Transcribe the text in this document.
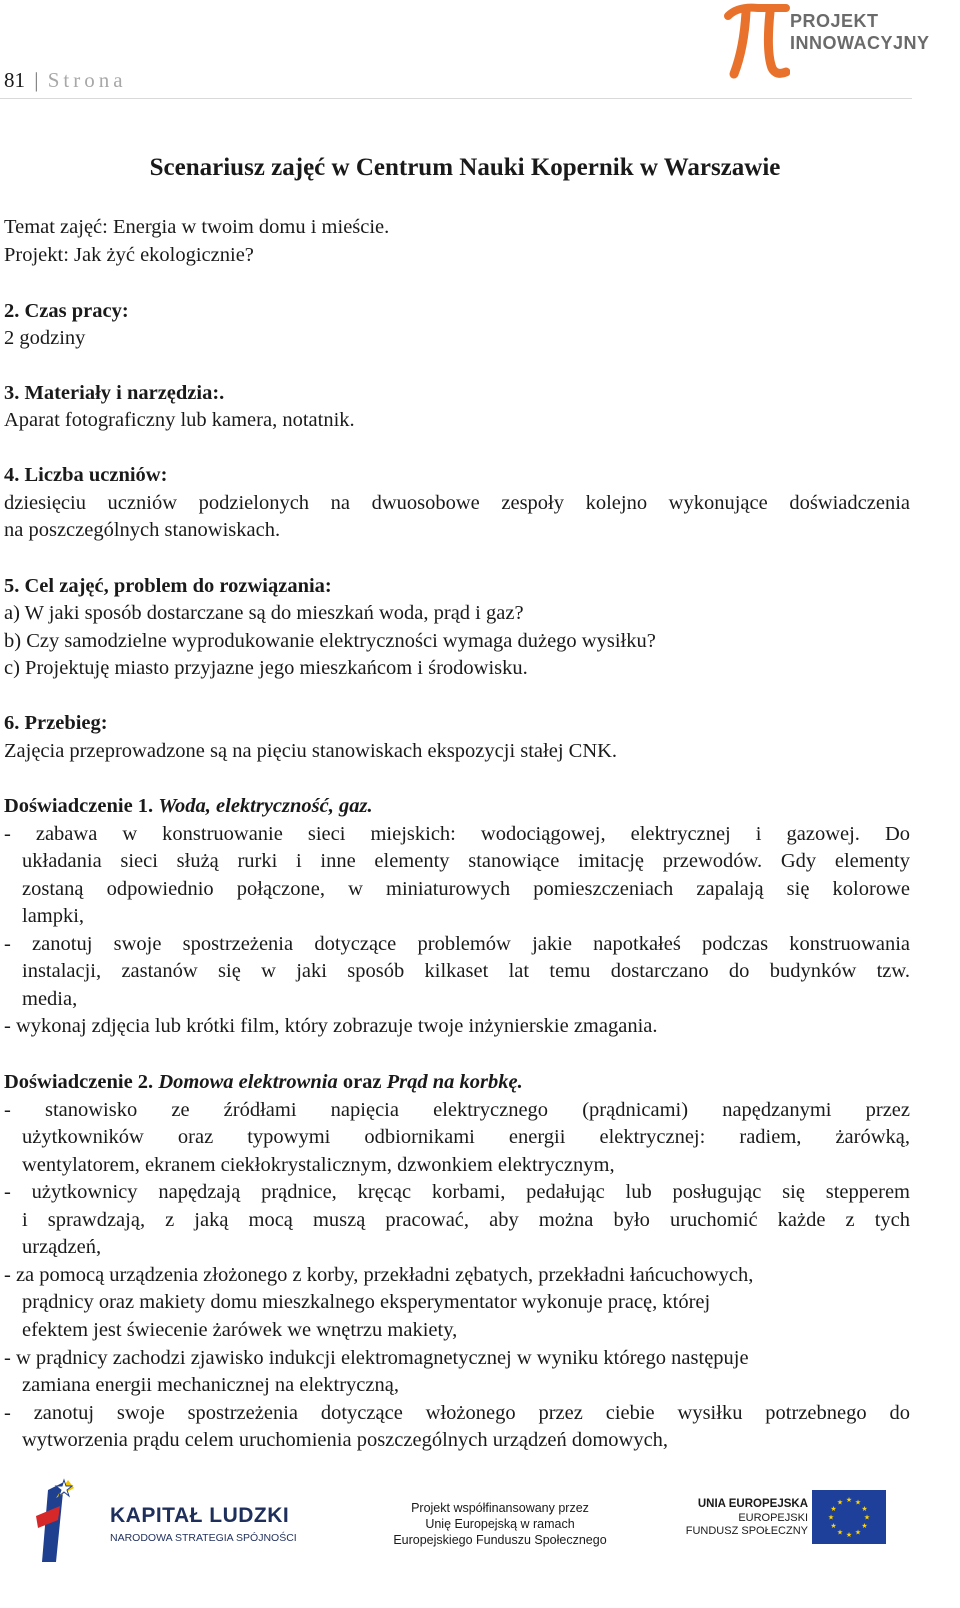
81 | Strona
PROJEKT
INNOWACYJNY
Scenariusz zajęć w Centrum Nauki Kopernik w Warszawie
Temat zajęć: Energia w twoim domu i mieście.
Projekt: Jak żyć ekologicznie?
2. Czas pracy:
2 godziny
3. Materiały i narzędzia:.
Aparat fotograficzny lub kamera, notatnik.
4. Liczba uczniów:
dziesięciu uczniów podzielonych na dwuosobowe zespoły kolejno wykonujące doświadczenia
na poszczególnych stanowiskach.
5. Cel zajęć, problem do rozwiązania:
a) W jaki sposób dostarczane są do mieszkań woda, prąd i gaz?
b) Czy samodzielne wyprodukowanie elektryczności wymaga dużego wysiłku?
c) Projektuję miasto przyjazne jego mieszkańcom i środowisku.
6. Przebieg:
Zajęcia przeprowadzone są na pięciu stanowiskach ekspozycji stałej CNK.
Doświadczenie 1. Woda, elektryczność, gaz.
- zabawa w konstruowanie sieci miejskich: wodociągowej, elektrycznej i gazowej. Do
układania sieci służą rurki i inne elementy stanowiące imitację przewodów. Gdy elementy
zostaną odpowiednio połączone, w miniaturowych pomieszczeniach zapalają się kolorowe
lampki,
- zanotuj swoje spostrzeżenia dotyczące problemów jakie napotkałeś podczas konstruowania
instalacji, zastanów się w jaki sposób kilkaset lat temu dostarczano do budynków tzw.
media,
- wykonaj zdjęcia lub krótki film, który zobrazuje twoje inżynierskie zmagania.
Doświadczenie 2. Domowa elektrownia oraz Prąd na korbkę.
- stanowisko ze źródłami napięcia elektrycznego (prądnicami) napędzanymi przez
użytkowników oraz typowymi odbiornikami energii elektrycznej: radiem, żarówką,
wentylatorem, ekranem ciekłokrystalicznym, dzwonkiem elektrycznym,
- użytkownicy napędzają prądnice, kręcąc korbami, pedałując lub posługując się stepperem
i sprawdzają, z jaką mocą muszą pracować, aby można było uruchomić każde z tych
urządzeń,
- za pomocą urządzenia złożonego z korby, przekładni zębatych, przekładni łańcuchowych,
prądnicy oraz makiety domu mieszkalnego eksperymentator wykonuje pracę, której
efektem jest świecenie żarówek we wnętrzu makiety,
- w prądnicy zachodzi zjawisko indukcji elektromagnetycznej w wyniku którego następuje
zamiana energii mechanicznej na elektryczną,
- zanotuj swoje spostrzeżenia dotyczące włożonego przez ciebie wysiłku potrzebnego do
wytworzenia prądu celem uruchomienia poszczególnych urządzeń domowych,
KAPITAŁ LUDZKI
NARODOWA STRATEGIA SPÓJNOŚCI
Projekt współfinansowany przez
Unię Europejską w ramach
Europejskiego Funduszu Społecznego
UNIA EUROPEJSKA
EUROPEJSKI
FUNDUSZ SPOŁECZNY
★ ★
★
★
★
★
★
★
★
★
★
★
